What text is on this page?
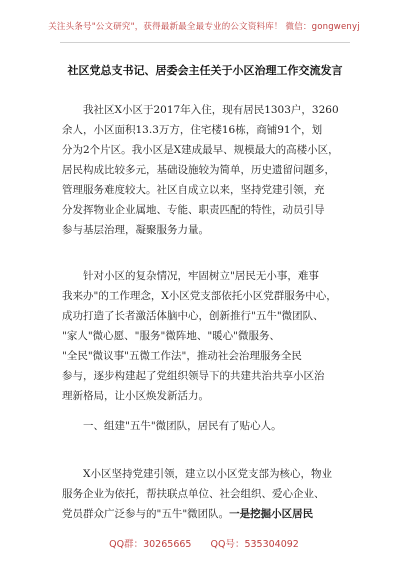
关注头条号"公文研究"，获得最新最全最专业的公文资料库！ 微信：gongwenyj
社区党总支书记、居委会主任关于小区治理工作交流发言
我社区X小区于2017年入住，现有居民1303户，3260
余人，小区面积13.3万方，住宅楼16栋，商铺91个，划
分为2个片区。我小区是X建成最早、规模最大的高楼小区，
居民构成比较多元，基础设施较为简单，历史遗留问题多，
管理服务难度较大。社区自成立以来，坚持党建引领，充
分发挥物业企业属地、专能、职责匹配的特性，动员引导
参与基层治理，凝聚服务力量。
针对小区的复杂情况，牢固树立"居民无小事，难事
我来办"的工作理念，X小区党支部依托小区党群服务中心，
成功打造了长者激活体脑中心，创新推行"五牛"微团队、
"家人"微心愿、"服务"微阵地、"暖心"微服务、
"全民"微议事"五微工作法"，推动社会治理服务全民
参与，逐步构建起了党组织领导下的共建共治共享小区治
理新格局，让小区焕发新活力。
一、组建"五牛"微团队，居民有了贴心人。
X小区坚持党建引领，建立以小区党支部为核心，物业
服务企业为依托，帮扶联点单位、社会组织、爱心企业、
党员群众广泛参与的"五牛"微团队。一是挖掘小区居民
QQ群：30265665 QQ号：535304092
